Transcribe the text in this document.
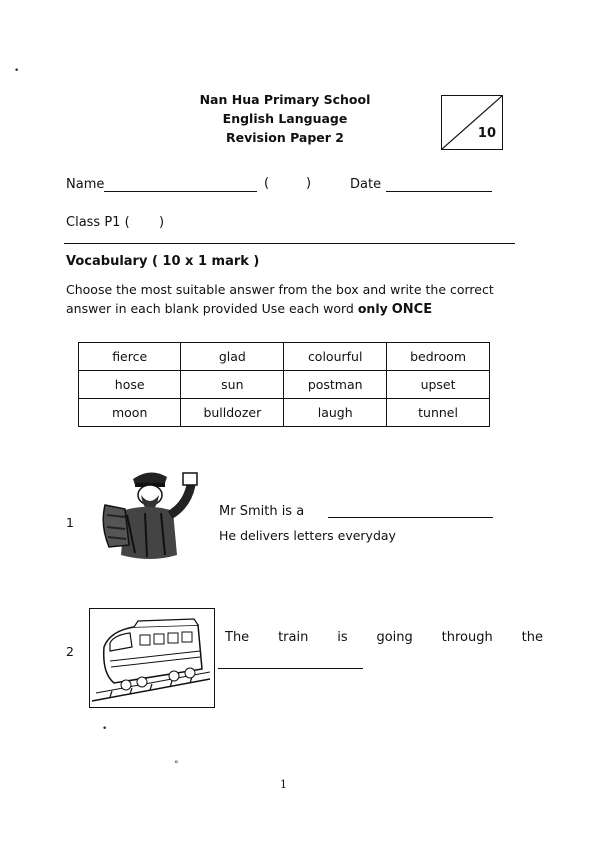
Nan Hua Primary School
English Language
Revision Paper 2	10
Name	(	)	Date
Class P1 ( )
Vocabulary ( 10 x 1 mark )
Choose the most suitable answer from the box and write the correct answer in each blank provided Use each word only ONCE
fierce	glad	colourful	bedroom
hose	sun	postman	upset
moon	bulldozer	laugh	tunnel
1
Mr Smith is a
He delivers letters everyday
2
The train is going through the
•
•
°
1
